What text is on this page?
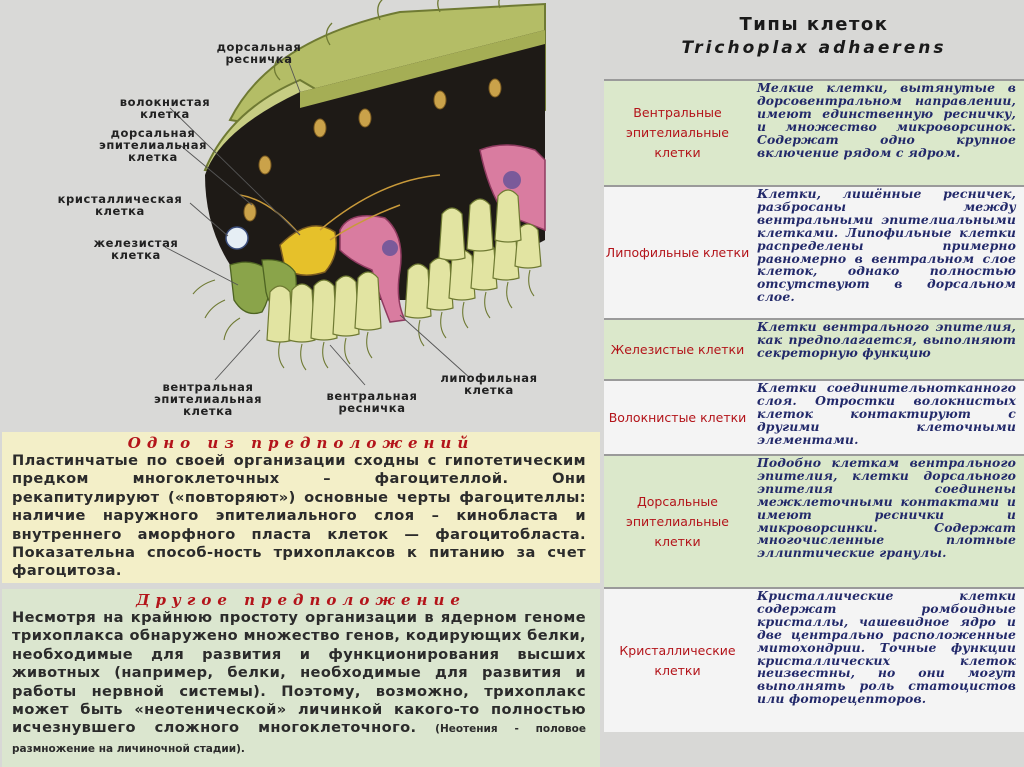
дорсальная
ресничка
волокнистая
клетка
дорсальная
эпителиальная
клетка
кристаллическая
клетка
железистая
клетка
вентральная
эпителиальная
клетка
вентральная
ресничка
липофильная
клетка
Типы клеток
Trichoplax adhaerens
Вентральные эпителиальные клетки
Мелкие клетки, вытянутые в дорсовентральном направлении, имеют единственную ресничку, и множество микроворсинок. Содержат одно крупное включение рядом с ядром.
Липофильные клетки
Клетки, лишённые ресничек, разбросаны между вентральными эпителиальными клетками. Липофильные клетки распределены примерно равномерно в вентральном слое клеток, однако полностью отсутствуют в дорсальном слое.
Железистые клетки
Клетки вентрального эпителия, как предполагается, выполняют секреторную функцию
Волокнистые клетки
Клетки соединительнотканного слоя. Отростки волокнистых клеток контактируют с другими клеточными элементами.
Дорсальные эпителиальные клетки
Подобно клеткам вентрального эпителия, клетки дорсального эпителия соединены межклеточными контактами и имеют реснички и микроворсинки. Содержат многочисленные плотные эллиптические гранулы.
Кристаллические клетки
Кристаллические клетки содержат ромбоидные кристаллы, чашевидное ядро и две центрально расположенные митохондрии. Точные функции кристаллических клеток неизвестны, но они могут выполнять роль статоцистов или фоторецепторов.
Одно из предположений
Пластинчатые по своей организации сходны с гипотетическим предком многоклеточных – фагоцителлой. Они рекапитулируют («повторяют») основные черты фагоцителлы: наличие наружного эпителиального слоя – кинобласта и внутреннего аморфного пласта клеток — фагоцитобласта. Показательна способ-ность трихоплаксов к питанию за счет фагоцитоза.
Другое предположение
Несмотря на крайнюю простоту организации в ядерном геноме трихоплакса обнаружено множество генов, кодирующих белки, необходимые для развития и функционирования высших животных (например, белки, необходимые для развития и работы нервной системы). Поэтому, возможно, трихоплакс может быть «неотенической» личинкой какого-то полностью исчезнувшего сложного многоклеточного. (Неотения - половое размножение на личиночной стадии).
